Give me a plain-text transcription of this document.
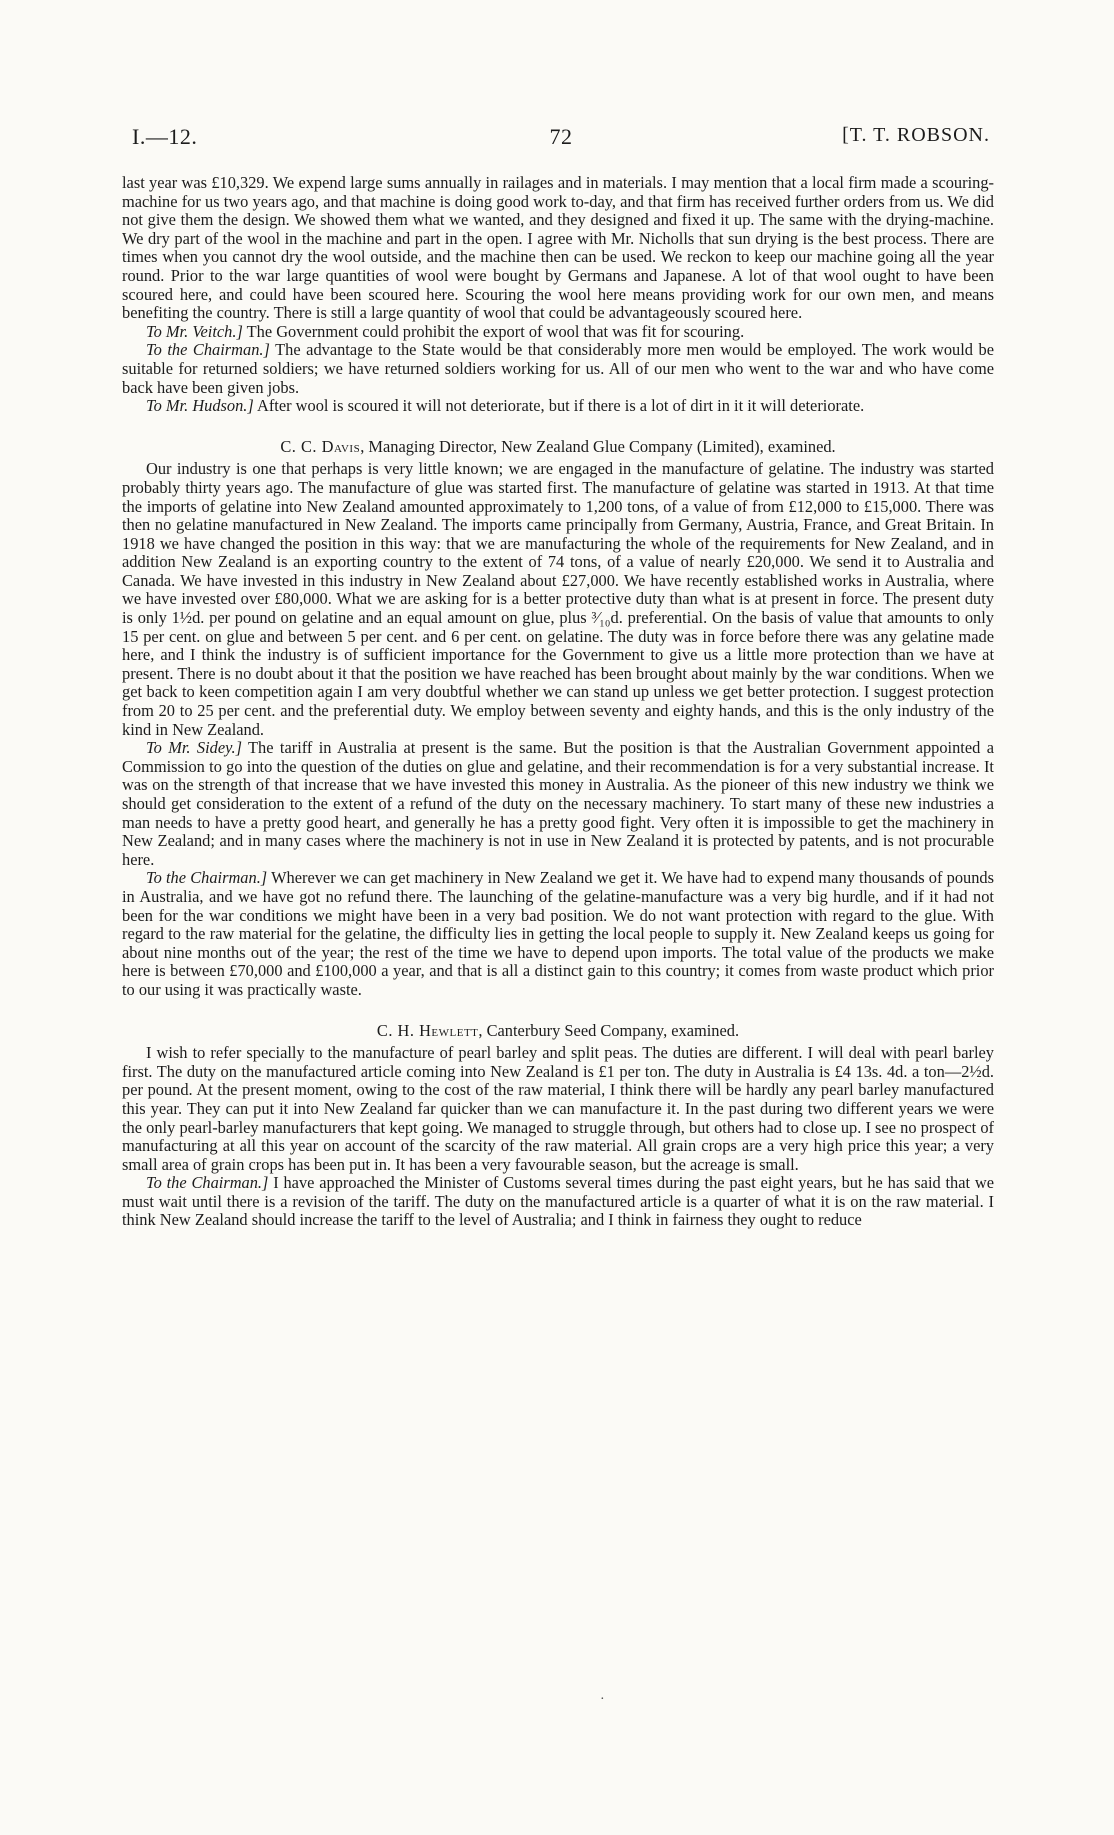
I.—12.	72	[T. T. ROBSON.

last year was £10,329. We expend large sums annually in railages and in materials. I may mention that a local firm made a scouring-machine for us two years ago, and that machine is doing good work to-day, and that firm has received further orders from us. We did not give them the design. We showed them what we wanted, and they designed and fixed it up. The same with the drying-machine. We dry part of the wool in the machine and part in the open. I agree with Mr. Nicholls that sun drying is the best process. There are times when you cannot dry the wool outside, and the machine then can be used. We reckon to keep our machine going all the year round. Prior to the war large quantities of wool were bought by Germans and Japanese. A lot of that wool ought to have been scoured here, and could have been scoured here. Scouring the wool here means providing work for our own men, and means benefiting the country. There is still a large quantity of wool that could be advantageously scoured here.

To Mr. Veitch.] The Government could prohibit the export of wool that was fit for scouring.

To the Chairman.] The advantage to the State would be that considerably more men would be employed. The work would be suitable for returned soldiers; we have returned soldiers working for us. All of our men who went to the war and who have come back have been given jobs.

To Mr. Hudson.] After wool is scoured it will not deteriorate, but if there is a lot of dirt in it it will deteriorate.

C. C. Davis, Managing Director, New Zealand Glue Company (Limited), examined.

Our industry is one that perhaps is very little known; we are engaged in the manufacture of gelatine. The industry was started probably thirty years ago. The manufacture of glue was started first. The manufacture of gelatine was started in 1913. At that time the imports of gelatine into New Zealand amounted approximately to 1,200 tons, of a value of from £12,000 to £15,000. There was then no gelatine manufactured in New Zealand. The imports came principally from Germany, Austria, France, and Great Britain. In 1918 we have changed the position in this way: that we are manufacturing the whole of the requirements for New Zealand, and in addition New Zealand is an exporting country to the extent of 74 tons, of a value of nearly £20,000. We send it to Australia and Canada. We have invested in this industry in New Zealand about £27,000. We have recently established works in Australia, where we have invested over £80,000. What we are asking for is a better protective duty than what is at present in force. The present duty is only 1½d. per pound on gelatine and an equal amount on glue, plus ³⁄₁₀d. preferential. On the basis of value that amounts to only 15 per cent. on glue and between 5 per cent. and 6 per cent. on gelatine. The duty was in force before there was any gelatine made here, and I think the industry is of sufficient importance for the Government to give us a little more protection than we have at present. There is no doubt about it that the position we have reached has been brought about mainly by the war conditions. When we get back to keen competition again I am very doubtful whether we can stand up unless we get better protection. I suggest protection from 20 to 25 per cent. and the preferential duty. We employ between seventy and eighty hands, and this is the only industry of the kind in New Zealand.

To Mr. Sidey.] The tariff in Australia at present is the same. But the position is that the Australian Government appointed a Commission to go into the question of the duties on glue and gelatine, and their recommendation is for a very substantial increase. It was on the strength of that increase that we have invested this money in Australia. As the pioneer of this new industry we think we should get consideration to the extent of a refund of the duty on the necessary machinery. To start many of these new industries a man needs to have a pretty good heart, and generally he has a pretty good fight. Very often it is impossible to get the machinery in New Zealand; and in many cases where the machinery is not in use in New Zealand it is protected by patents, and is not procurable here.

To the Chairman.] Wherever we can get machinery in New Zealand we get it. We have had to expend many thousands of pounds in Australia, and we have got no refund there. The launching of the gelatine-manufacture was a very big hurdle, and if it had not been for the war conditions we might have been in a very bad position. We do not want protection with regard to the glue. With regard to the raw material for the gelatine, the difficulty lies in getting the local people to supply it. New Zealand keeps us going for about nine months out of the year; the rest of the time we have to depend upon imports. The total value of the products we make here is between £70,000 and £100,000 a year, and that is all a distinct gain to this country; it comes from waste product which prior to our using it was practically waste.

C. H. Hewlett, Canterbury Seed Company, examined.

I wish to refer specially to the manufacture of pearl barley and split peas. The duties are different. I will deal with pearl barley first. The duty on the manufactured article coming into New Zealand is £1 per ton. The duty in Australia is £4 13s. 4d. a ton—2½d. per pound. At the present moment, owing to the cost of the raw material, I think there will be hardly any pearl barley manufactured this year. They can put it into New Zealand far quicker than we can manufacture it. In the past during two different years we were the only pearl-barley manufacturers that kept going. We managed to struggle through, but others had to close up. I see no prospect of manufacturing at all this year on account of the scarcity of the raw material. All grain crops are a very high price this year; a very small area of grain crops has been put in. It has been a very favourable season, but the acreage is small.

To the Chairman.] I have approached the Minister of Customs several times during the past eight years, but he has said that we must wait until there is a revision of the tariff. The duty on the manufactured article is a quarter of what it is on the raw material. I think New Zealand should increase the tariff to the level of Australia; and I think in fairness they ought to reduce

·
